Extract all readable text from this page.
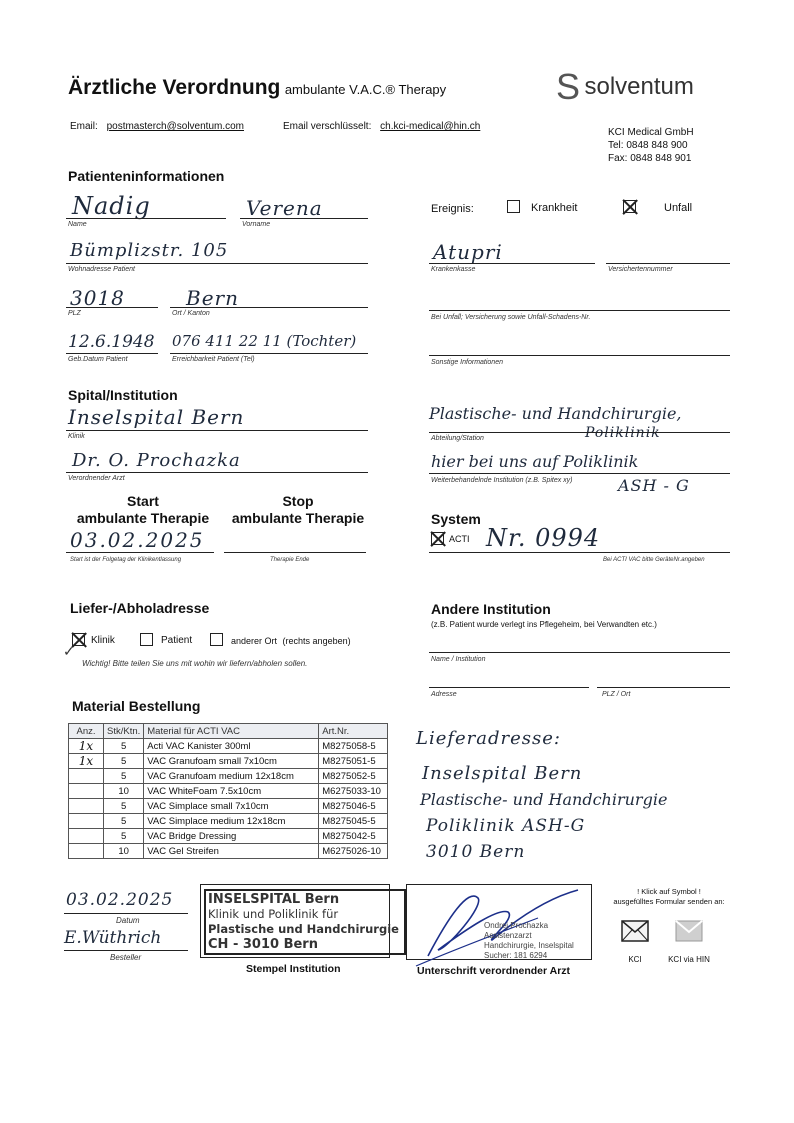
Ärztliche Verordnung ambulante V.A.C.® Therapy	S solventum
Email: postmasterch@solventum.com	Email verschlüsselt: ch.kci-medical@hin.ch
KCI Medical GmbH
Tel: 0848 848 900
Fax: 0848 848 901
Patienteninformationen
Nadig
Name
Verena
Vorname
Ereignis:	Krankheit	Unfall
Bümplizstr. 105
Wohnadresse Patient
Atupri
Krankenkasse	Versichertennummer
3018
PLZ
Bern
Ort / Kanton
Bei Unfall; Versicherung sowie Unfall-Schadens-Nr.
12.6.1948
Geb.Datum Patient
076 411 22 11 (Tochter)
Erreichbarkeit Patient (Tel)	Sonstige Informationen
Spital/Institution
Inselspital Bern
Klinik
Plastische- und Handchirurgie,
Poliklinik
Abteilung/Station
Dr. O. Prochazka
Verordnender Arzt
hier bei uns auf Poliklinik
Weiterbehandelnde Institution (z.B. Spitex xy)	ASH - G
Start
ambulante Therapie
Stop
ambulante Therapie
03.02.2025
Start ist der Folgetag der Klinikentlassung	Therapie Ende
System
ACTI Nr. 0994
Bei ACTI VAC bitte GeräteNr.angeben
Liefer-/Abholadresse
Klinik	Patient	anderer Ort (rechts angeben)
✓
Wichtig! Bitte teilen Sie uns mit wohin wir liefern/abholen sollen.
Andere Institution
(z.B. Patient wurde verlegt ins Pflegeheim, bei Verwandten etc.)
Name / Institution
Adresse	PLZ / Ort
Material Bestellung
Anz.	Stk/Ktn.	Material für ACTI VAC	Art.Nr.
1x	5	Acti VAC Kanister 300ml	M8275058-5
1x	5	VAC Granufoam small 7x10cm	M8275051-5
	5	VAC Granufoam medium 12x18cm	M8275052-5
	10	VAC WhiteFoam 7.5x10cm	M6275033-10
	5	VAC Simplace small 7x10cm	M8275046-5
	5	VAC Simplace medium 12x18cm	M8275045-5
	5	VAC Bridge Dressing	M8275042-5
	10	VAC Gel Streifen	M6275026-10
Lieferadresse:
Inselspital Bern
Plastische- und Handchirurgie
Poliklinik ASH-G
3010 Bern
03.02.2025
Datum
E.Wüthrich
Besteller
INSELSPITAL Bern
Klinik und Poliklinik für
Plastische und Handchirurgie
CH - 3010 Bern
Stempel Institution
Ondrej Prochazka
Assistenzarzt
Handchirurgie, Inselspital
Sucher: 181 6294
Unterschrift verordnender Arzt
! Klick auf Symbol !
ausgefülltes Formular senden an:
KCI	KCI via HIN
